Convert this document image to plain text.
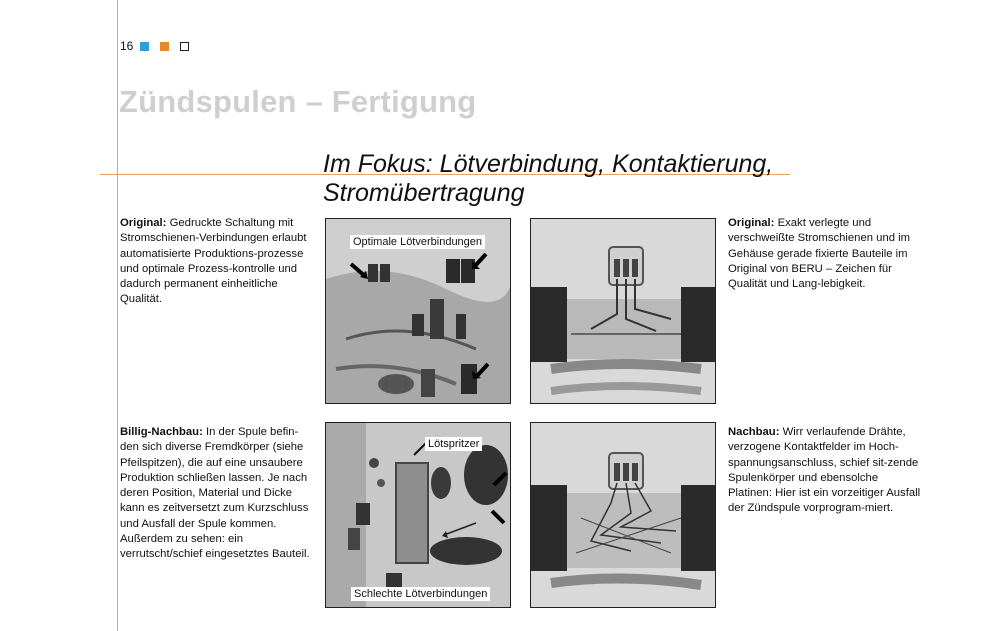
16
Zündspulen – Fertigung
Im Fokus: Lötverbindung, Kontaktierung,
Stromübertragung
Original: Gedruckte Schaltung mit Stromschienen-Verbindungen erlaubt automatisierte Produktions-prozesse und optimale Prozess-kontrolle und dadurch permanent einheitliche Qualität.
Billig-Nachbau: In der Spule befin-den sich diverse Fremdkörper (siehe Pfeilspitzen), die auf eine unsaubere Produktion schließen lassen. Je nach deren Position, Material und Dicke kann es zeitversetzt zum Kurzschluss und Ausfall der Spule kommen. Außerdem zu sehen: ein verrutscht/schief eingesetztes Bauteil.
Original: Exakt verlegte und verschweißte Stromschienen und im Gehäuse gerade fixierte Bauteile im Original von BERU – Zeichen für Qualität und Lang-lebigkeit.
Nachbau: Wirr verlaufende Drähte, verzogene Kontaktfelder im Hoch-spannungsanschluss, schief sit-zende Spulenkörper und ebensolche Platinen: Hier ist ein vorzeitiger Ausfall der Zündspule vorprogram-miert.
Optimale Lötverbindungen
Lötspritzer
Schlechte Lötverbindungen
